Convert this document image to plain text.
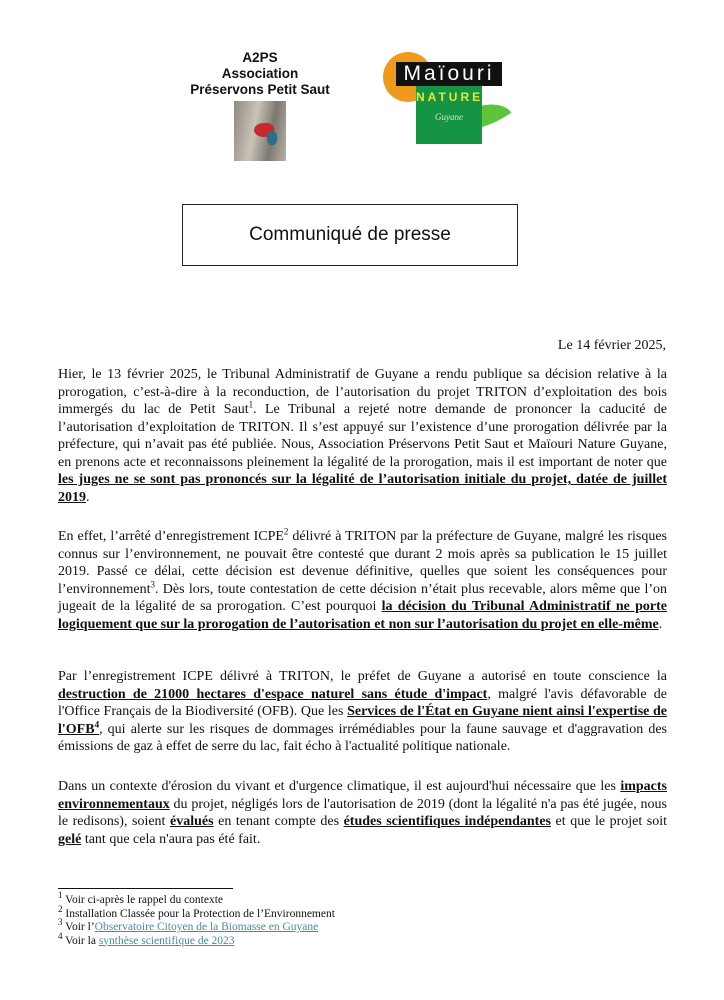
A2PS
Association
Préservons Petit Saut	NATURE
Guyane
Maïouri
Communiqué de presse
Le 14 février 2025,

Hier, le 13 février 2025, le Tribunal Administratif de Guyane a rendu publique sa décision relative à la prorogation, c’est-à-dire à la reconduction, de l’autorisation du projet TRITON d’exploitation des bois immergés du lac de Petit Saut$^1$. Le Tribunal a rejeté notre demande de prononcer la caducité de l’autorisation d’exploitation de TRITON. Il s’est appuyé sur l’existence d’une prorogation délivrée par la préfecture, qui n’avait pas été publiée. Nous, Association Préservons Petit Saut et Maïouri Nature Guyane, en prenons acte et reconnaissons pleinement la légalité de la prorogation, mais il est important de noter que les juges ne se sont pas prononcés sur la légalité de l’autorisation initiale du projet, datée de juillet 2019.

En effet, l’arrêté d’enregistrement ICPE$^2$ délivré à TRITON par la préfecture de Guyane, malgré les risques connus sur l’environnement, ne pouvait être contesté que durant 2 mois après sa publication le 15 juillet 2019. Passé ce délai, cette décision est devenue définitive, quelles que soient les conséquences pour l’environnement$^3$. Dès lors, toute contestation de cette décision n’était plus recevable, alors même que l’on jugeait de la légalité de sa prorogation. C’est pourquoi la décision du Tribunal Administratif ne porte logiquement que sur la prorogation de l’autorisation et non sur l’autorisation du projet en elle-même.

Par l’enregistrement ICPE délivré à TRITON, le préfet de Guyane a autorisé en toute conscience la destruction de 21000 hectares d'espace naturel sans étude d'impact, malgré l'avis défavorable de l'Office Français de la Biodiversité (OFB). Que les Services de l'État en Guyane nient ainsi l'expertise de l'OFB$^4$, qui alerte sur les risques de dommages irrémédiables pour la faune sauvage et d'aggravation des émissions de gaz à effet de serre du lac, fait écho à l'actualité politique nationale.

Dans un contexte d'érosion du vivant et d'urgence climatique, il est aujourd'hui nécessaire que les impacts environnementaux du projet, négligés lors de l'autorisation de 2019 (dont la légalité n'a pas été jugée, nous le redisons), soient évalués en tenant compte des études scientifiques indépendantes et que le projet soit gelé tant que cela n'aura pas été fait.

$^1$ Voir ci-après le rappel du contexte
$^2$ Installation Classée pour la Protection de l’Environnement
$^3$ Voir l’Observatoire Citoyen de la Biomasse en Guyane
$^4$ Voir la synthèse scientifique de 2023
